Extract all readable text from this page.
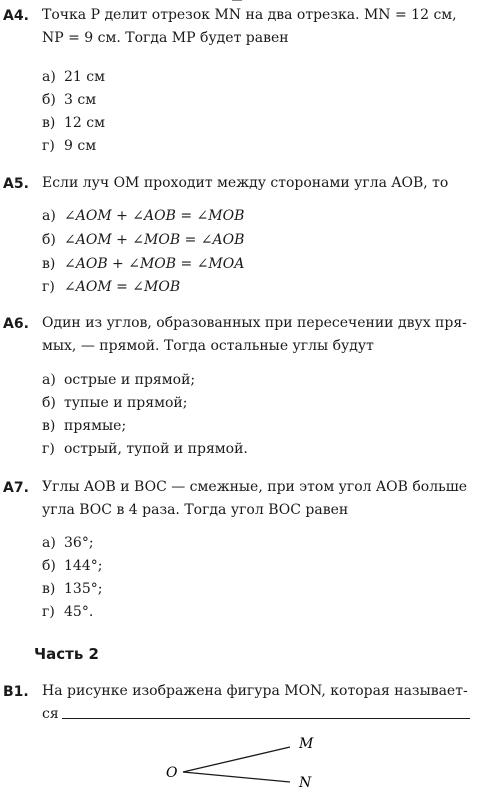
А4. Точка P делит отрезок MN на два отрезка. MN = 12 см,
NP = 9 см. Тогда MP будет равен
а) 21 см
б) 3 см
в) 12 см
г) 9 см
А5. Если луч OM проходит между сторонами угла AOB, то
а) ∠AOM + ∠AOB = ∠MOB
б) ∠AOM + ∠MOB = ∠AOB
в) ∠AOB + ∠MOB = ∠MOA
г) ∠AOM = ∠MOB
А6. Один из углов, образованных при пересечении двух пря-
мых, — прямой. Тогда остальные углы будут
а) острые и прямой;
б) тупые и прямой;
в) прямые;
г) острый, тупой и прямой.
А7. Углы AOB и BOC — смежные, при этом угол AOB больше
угла BOC в 4 раза. Тогда угол BOC равен
а) 36°;
б) 144°;
в) 135°;
г) 45°.
Часть 2
В1. На рисунке изображена фигура MON, которая называет-
ся
O
M
N
